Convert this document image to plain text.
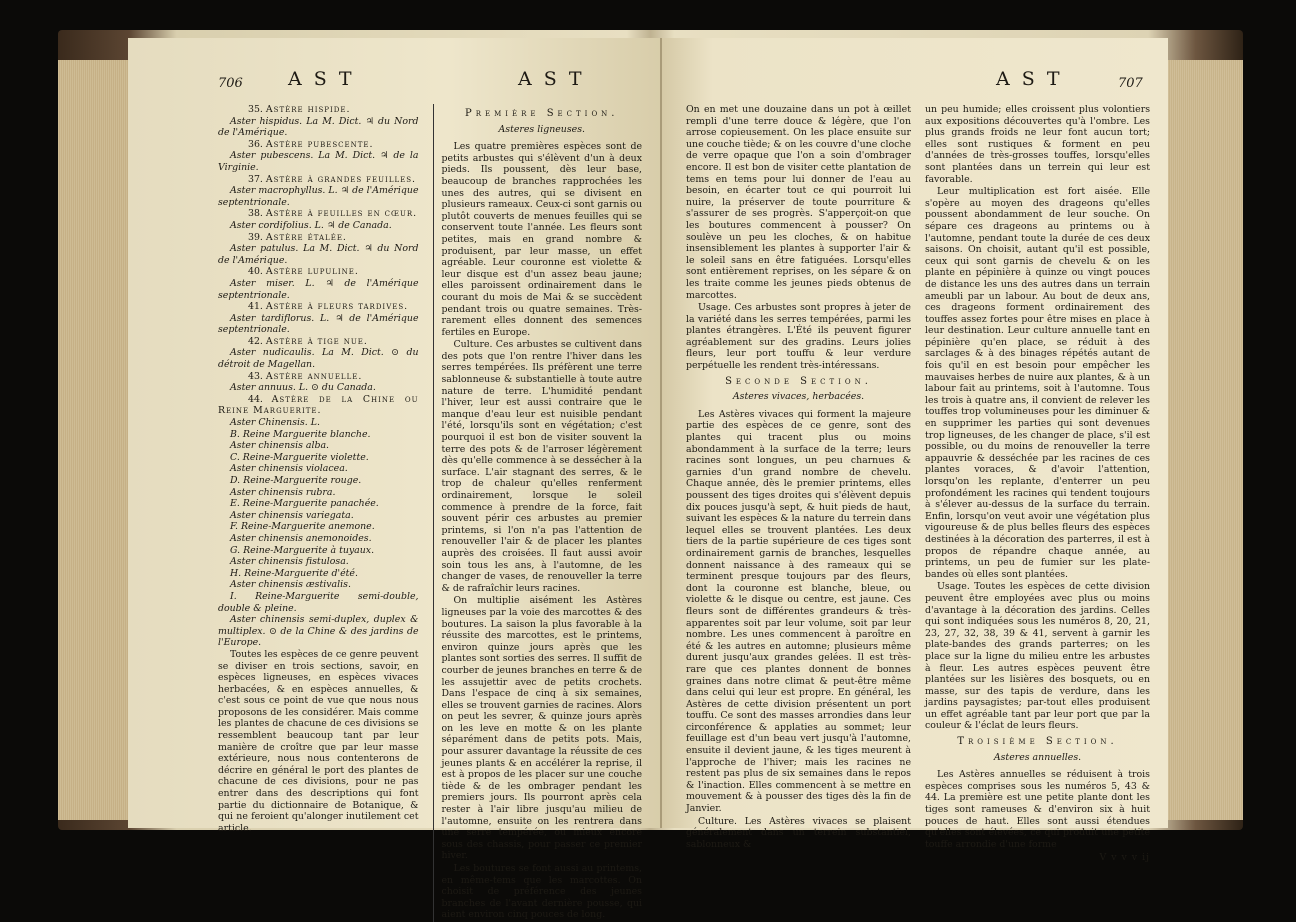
706 A S T	A S T

35. Astère hispide.

Aster hispidus. La M. Dict. ♃ du Nord de l'Amérique.

36. Astère pubescente.

Aster pubescens. La M. Dict. ♃ de la Virginie.

37. Astère à grandes feuilles.

Aster macrophyllus. L. ♃ de l'Amérique septentrionale.

38. Astère à feuilles en cœur.

Aster cordifolius. L. ♃ de Canada.

39. Astère étalée.

Aster patulus. La M. Dict. ♃ du Nord de l'Amérique.

40. Astère lupuline.

Aster miser. L. ♃ de l'Amérique septentrionale.

41. Astère à fleurs tardives.

Aster tardiflorus. L. ♃ de l'Amérique septentrionale.

42. Astère à tige nue.

Aster nudicaulis. La M. Dict. ⊙ du détroit de Magellan.

43. Astère annuelle.

Aster annuus. L. ⊙ du Canada.

44. Astère de la Chine ou Reine Marguerite.

Aster Chinensis. L.

B. Reine Marguerite blanche.

Aster chinensis alba.

C. Reine-Marguerite violette.

Aster chinensis violacea.

D. Reine-Marguerite rouge.

Aster chinensis rubra.

E. Reine-Marguerite panachée.

Aster chinensis variegata.

F. Reine-Marguerite anemone.

Aster chinensis anemonoides.

G. Reine-Marguerite à tuyaux.

Aster chinensis fistulosa.

H. Reine-Marguerite d'été.

Aster chinensis æstivalis.

I. Reine-Marguerite semi-double, double & pleine.

Aster chinensis semi-duplex, duplex & multiplex. ⊙ de la Chine & des jardins de l'Europe.

Toutes les espèces de ce genre peuvent se diviser en trois sections, savoir, en espèces ligneuses, en espèces vivaces herbacées, & en espèces annuelles, & c'est sous ce point de vue que nous nous proposons de les considérer. Mais comme les plantes de chacune de ces divisions se ressemblent beaucoup tant par leur manière de croître que par leur masse extérieure, nous nous contenterons de décrire en général le port des plantes de chacune de ces divisions, pour ne pas entrer dans des descriptions qui font partie du dictionnaire de Botanique, & qui ne feroient qu'alonger inutilement cet article.

Première Section.

Asteres ligneuses.

Les quatre premières espèces sont de petits arbustes qui s'élèvent d'un à deux pieds. Ils poussent, dès leur base, beaucoup de branches rapprochées les unes des autres, qui se divisent en plusieurs rameaux. Ceux-ci sont garnis ou plutôt couverts de menues feuilles qui se conservent toute l'année. Les fleurs sont petites, mais en grand nombre & produisent, par leur masse, un effet agréable. Leur couronne est violette & leur disque est d'un assez beau jaune; elles paroissent ordinairement dans le courant du mois de Mai & se succèdent pendant trois ou quatre semaines. Très-rarement elles donnent des semences fertiles en Europe.

Culture. Ces arbustes se cultivent dans des pots que l'on rentre l'hiver dans les serres tempérées. Ils préfèrent une terre sablonneuse & substantielle à toute autre nature de terre. L'humidité pendant l'hiver, leur est aussi contraire que le manque d'eau leur est nuisible pendant l'été, lorsqu'ils sont en végétation; c'est pourquoi il est bon de visiter souvent la terre des pots & de l'arroser légèrement dès qu'elle commence à se dessécher à la surface. L'air stagnant des serres, & le trop de chaleur qu'elles renferment ordinairement, lorsque le soleil commence à prendre de la force, fait souvent périr ces arbustes au premier printems, si l'on n'a pas l'attention de renouveller l'air & de placer les plantes auprès des croisées. Il faut aussi avoir soin tous les ans, à l'automne, de les changer de vases, de renouveller la terre & de rafraîchir leurs racines.

On multiplie aisément les Astères ligneuses par la voie des marcottes & des boutures. La saison la plus favorable à la réussite des marcottes, est le printems, environ quinze jours après que les plantes sont sorties des serres. Il suffit de courber de jeunes branches en terre & de les assujettir avec de petits crochets. Dans l'espace de cinq à six semaines, elles se trouvent garnies de racines. Alors on peut les sevrer, & quinze jours après on les leve en motte & on les plante séparément dans de petits pots. Mais, pour assurer davantage la réussite de ces jeunes plants & en accélérer la reprise, il est à propos de les placer sur une couche tiède & de les ombrager pendant les premiers jours. Ils pourront après cela rester à l'air libre jusqu'au milieu de l'automne, ensuite on les rentrera dans une serre tempérée, ou mieux encore sous des chassis, pour passer ce premier hiver.

Les boutures se font aussi au printems, en même-tems que les marcottes. On choisit de préférence des jeunes branches de l'avant dernière pousse, qui aient environ cinq pouces de long.

A S T	707

On en met une douzaine dans un pot à œillet rempli d'une terre douce & légère, que l'on arrose copieusement. On les place ensuite sur une couche tiède; & on les couvre d'une cloche de verre opaque que l'on a soin d'ombrager encore. Il est bon de visiter cette plantation de tems en tems pour lui donner de l'eau au besoin, en écarter tout ce qui pourroit lui nuire, la préserver de toute pourriture & s'assurer de ses progrès. S'apperçoit-on que les boutures commencent à pousser? On soulève un peu les cloches, & on habitue insensiblement les plantes à supporter l'air & le soleil sans en être fatiguées. Lorsqu'elles sont entièrement reprises, on les sépare & on les traite comme les jeunes pieds obtenus de marcottes.

Usage. Ces arbustes sont propres à jeter de la variété dans les serres tempérées, parmi les plantes étrangères. L'Été ils peuvent figurer agréablement sur des gradins. Leurs jolies fleurs, leur port touffu & leur verdure perpétuelle les rendent très-intéressans.

Seconde Section.

Asteres vivaces, herbacées.

Les Astères vivaces qui forment la majeure partie des espèces de ce genre, sont des plantes qui tracent plus ou moins abondamment à la surface de la terre; leurs racines sont longues, un peu charnues & garnies d'un grand nombre de chevelu. Chaque année, dès le premier printems, elles poussent des tiges droites qui s'élèvent depuis dix pouces jusqu'à sept, & huit pieds de haut, suivant les espèces & la nature du terrein dans lequel elles se trouvent plantées. Les deux tiers de la partie supérieure de ces tiges sont ordinairement garnis de branches, lesquelles donnent naissance à des rameaux qui se terminent presque toujours par des fleurs, dont la couronne est blanche, bleue, ou violette & le disque ou centre, est jaune. Ces fleurs sont de différentes grandeurs & très-apparentes soit par leur volume, soit par leur nombre. Les unes commencent à paroître en été & les autres en automne; plusieurs même durent jusqu'aux grandes gelées. Il est très-rare que ces plantes donnent de bonnes graines dans notre climat & peut-être même dans celui qui leur est propre. En général, les Astères de cette division présentent un port touffu. Ce sont des masses arrondies dans leur circonférence & applaties au sommet; leur feuillage est d'un beau vert jusqu'à l'automne, ensuite il devient jaune, & les tiges meurent à l'approche de l'hiver; mais les racines ne restent pas plus de six semaines dans le repos & l'inaction. Elles commencent à se mettre en mouvement & à pousser des tiges dès la fin de Janvier.

Culture. Les Astères vivaces se plaisent généralement dans un terrein substantiel, sablonneux &

un peu humide; elles croissent plus volontiers aux expositions découvertes qu'à l'ombre. Les plus grands froids ne leur font aucun tort; elles sont rustiques & forment en peu d'années de très-grosses touffes, lorsqu'elles sont plantées dans un terrein qui leur est favorable.

Leur multiplication est fort aisée. Elle s'opère au moyen des drageons qu'elles poussent abondamment de leur souche. On sépare ces drageons au printems ou à l'automne, pendant toute la durée de ces deux saisons. On choisit, autant qu'il est possible, ceux qui sont garnis de chevelu & on les plante en pépinière à quinze ou vingt pouces de distance les uns des autres dans un terrain ameubli par un labour. Au bout de deux ans, ces drageons forment ordinairement des touffes assez fortes pour être mises en place à leur destination. Leur culture annuelle tant en pépinière qu'en place, se réduit à des sarclages & à des binages répétés autant de fois qu'il en est besoin pour empêcher les mauvaises herbes de nuire aux plantes, & à un labour fait au printems, soit à l'automne. Tous les trois à quatre ans, il convient de relever les touffes trop volumineuses pour les diminuer & en supprimer les parties qui sont devenues trop ligneuses, de les changer de place, s'il est possible, ou du moins de renouveller la terre appauvrie & desséchée par les racines de ces plantes voraces, & d'avoir l'attention, lorsqu'on les replante, d'enterrer un peu profondément les racines qui tendent toujours à s'élever au-dessus de la surface du terrain. Enfin, lorsqu'on veut avoir une végétation plus vigoureuse & de plus belles fleurs des espèces destinées à la décoration des parterres, il est à propos de répandre chaque année, au printems, un peu de fumier sur les plate-bandes où elles sont plantées.

Usage. Toutes les espèces de cette division peuvent être employées avec plus ou moins d'avantage à la décoration des jardins. Celles qui sont indiquées sous les numéros 8, 20, 21, 23, 27, 32, 38, 39 & 41, servent à garnir les plate-bandes des grands parterres; on les place sur la ligne du milieu entre les arbustes à fleur. Les autres espèces peuvent être plantées sur les lisières des bosquets, ou en masse, sur des tapis de verdure, dans les jardins paysagistes; par-tout elles produisent un effet agréable tant par leur port que par la couleur & l'éclat de leurs fleurs.

Troisième Section.

Asteres annuelles.

Les Astères annuelles se réduisent à trois espèces comprises sous les numéros 5, 43 & 44. La première est une petite plante dont les tiges sont rameuses & d'environ six à huit pouces de haut. Elles sont aussi étendues qu'elles sont élevées, ce qui produit une petite touffe arrondie d'une forme

V v v v ij
